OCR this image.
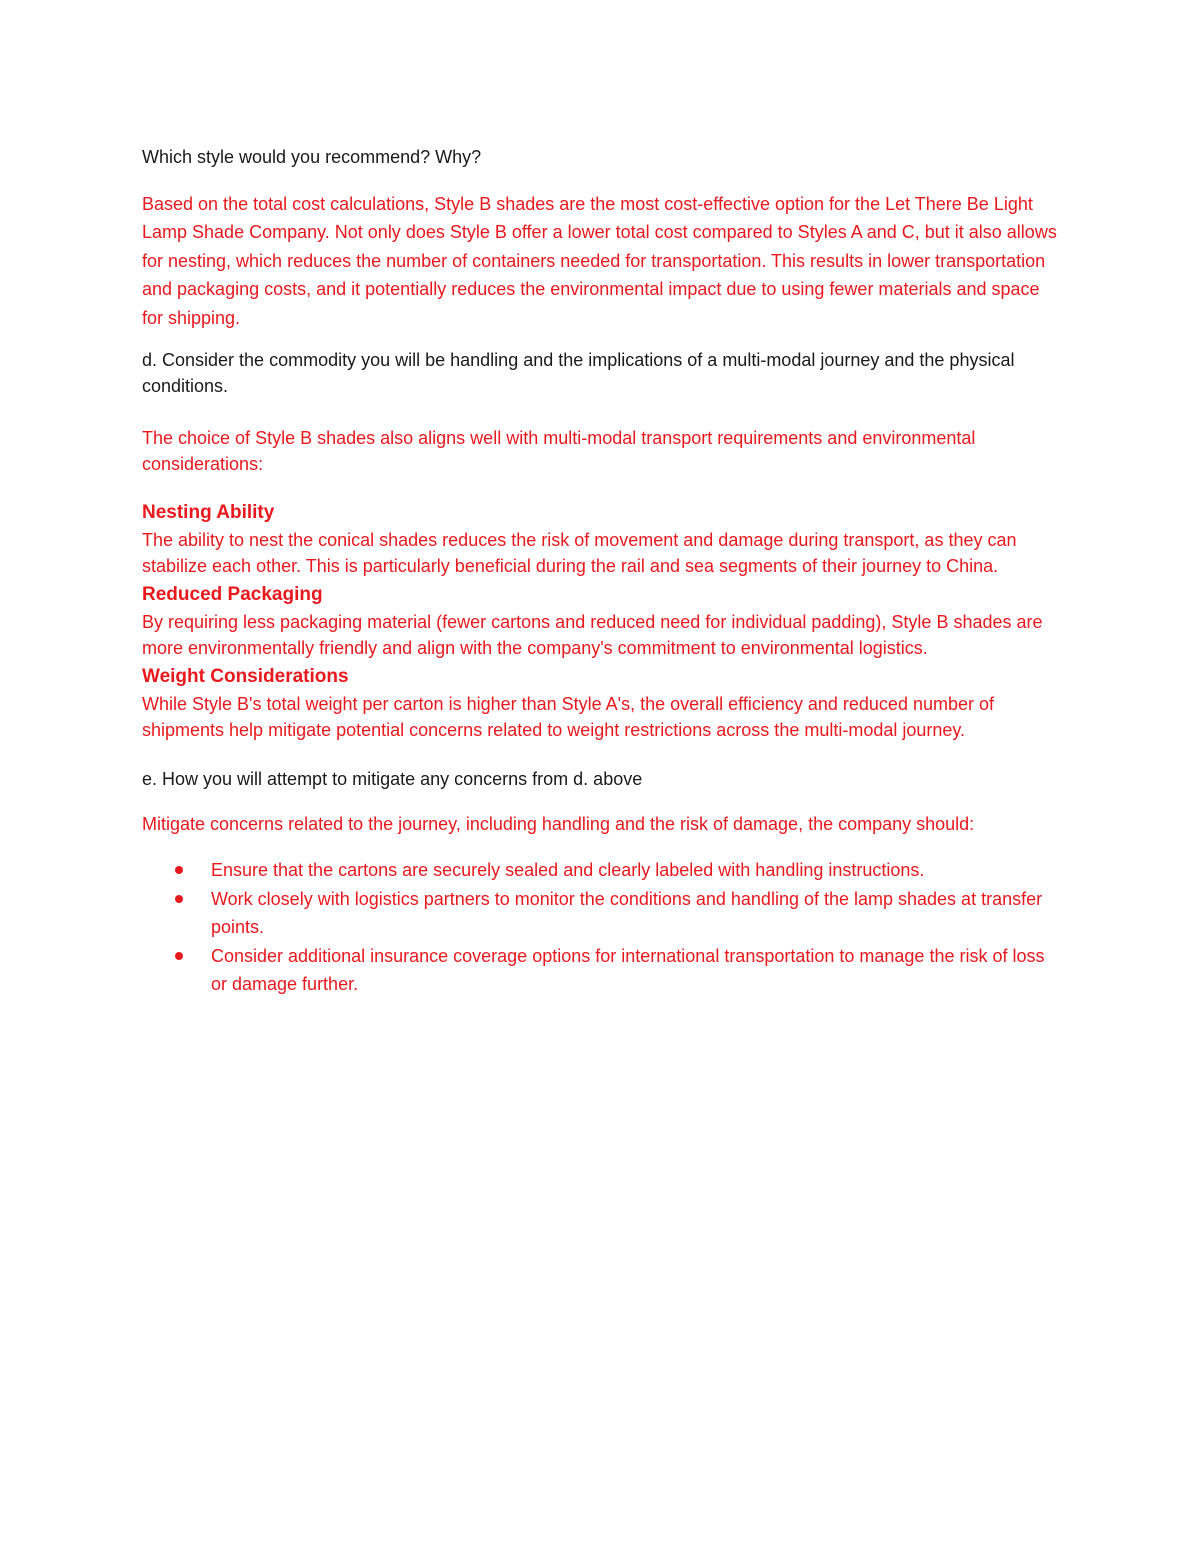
Which style would you recommend? Why?

Based on the total cost calculations, Style B shades are the most cost-effective option for the Let There Be Light Lamp Shade Company. Not only does Style B offer a lower total cost compared to Styles A and C, but it also allows for nesting, which reduces the number of containers needed for transportation. This results in lower transportation and packaging costs, and it potentially reduces the environmental impact due to using fewer materials and space for shipping.

d. Consider the commodity you will be handling and the implications of a multi-modal journey and the physical conditions.

The choice of Style B shades also aligns well with multi-modal transport requirements and environmental considerations:

Nesting Ability

The ability to nest the conical shades reduces the risk of movement and damage during transport, as they can stabilize each other. This is particularly beneficial during the rail and sea segments of their journey to China.

Reduced Packaging

By requiring less packaging material (fewer cartons and reduced need for individual padding), Style B shades are more environmentally friendly and align with the company's commitment to environmental logistics.

Weight Considerations

While Style B's total weight per carton is higher than Style A's, the overall efficiency and reduced number of shipments help mitigate potential concerns related to weight restrictions across the multi-modal journey.

e. How you will attempt to mitigate any concerns from d. above

Mitigate concerns related to the journey, including handling and the risk of damage, the company should:

Ensure that the cartons are securely sealed and clearly labeled with handling instructions.
Work closely with logistics partners to monitor the conditions and handling of the lamp shades at transfer points.
Consider additional insurance coverage options for international transportation to manage the risk of loss or damage further.
